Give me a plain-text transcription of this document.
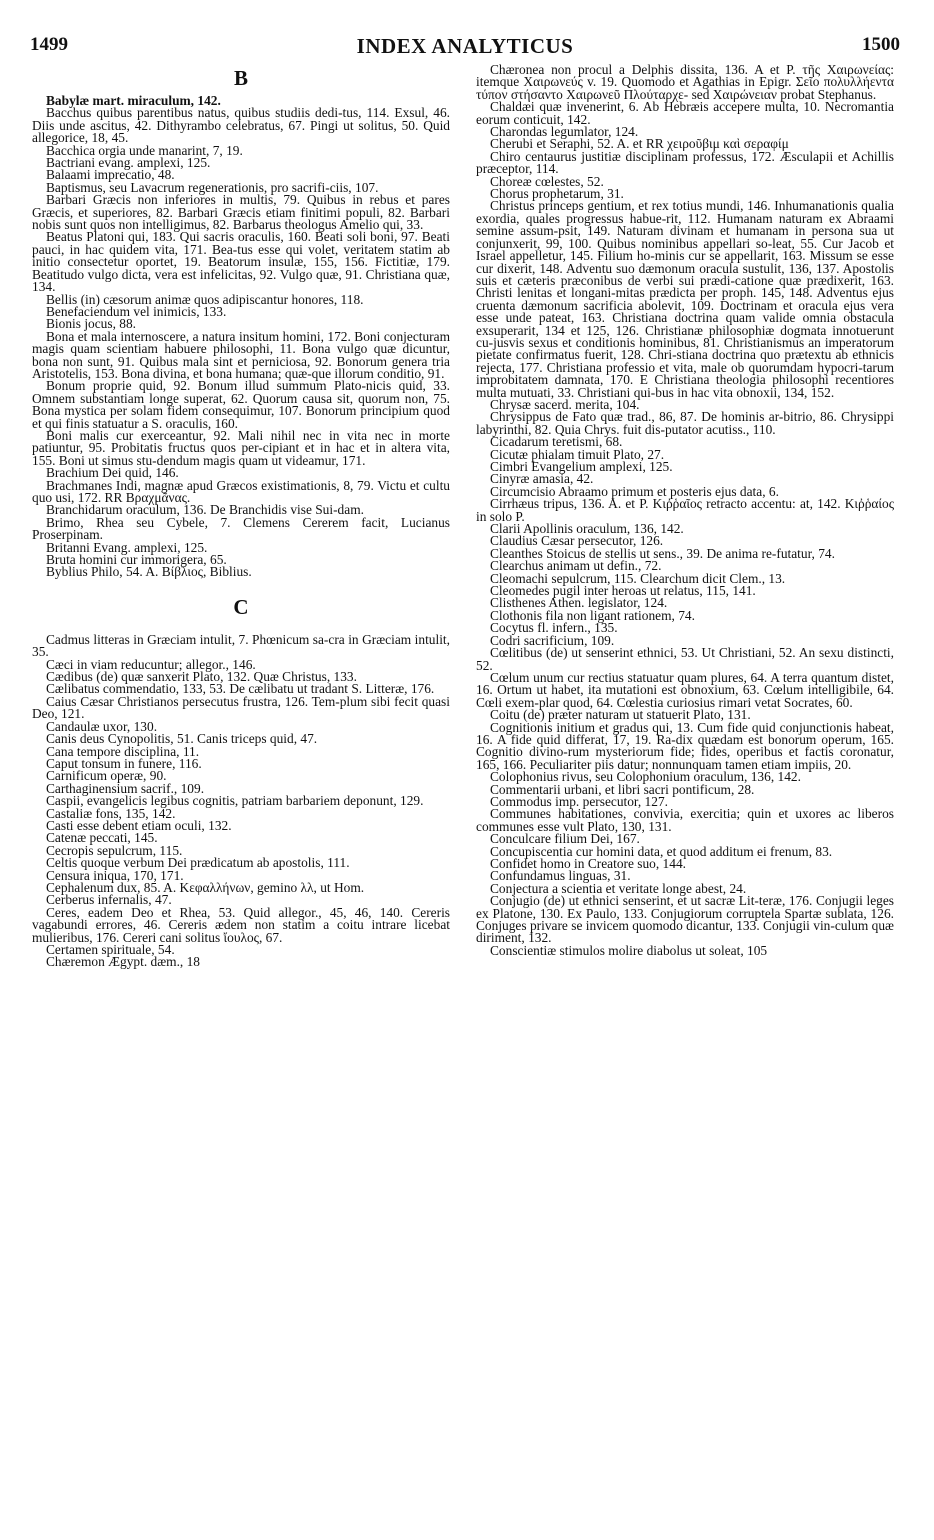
1499	INDEX ANALYTICUS	1500
B

Babylæ mart. miraculum, 142.

Bacchus quibus parentibus natus, quibus studiis dedi-tus, 114. Exsul, 46. Diis unde ascitus, 42. Dithyrambo celebratus, 67. Pingi ut solitus, 50. Quid allegorice, 18, 45.

Bacchica orgia unde manarint, 7, 19.

Bactriani evang. amplexi, 125.

Balaami imprecatio, 48.

Baptismus, seu Lavacrum regenerationis, pro sacrifi-ciis, 107.

Barbari Græcis non inferiores in multis, 79. Quibus in rebus et pares Græcis, et superiores, 82. Barbari Græcis etiam finitimi populi, 82. Barbari nobis sunt quos non intelligimus, 82. Barbarus theologus Amelio qui, 33.

Beatus Platoni qui, 183. Qui sacris oraculis, 160. Beati soli boni, 97. Beati pauci, in hac quidem vita, 171. Bea-tus esse qui volet, veritatem statim ab initio consectetur oportet, 19. Beatorum insulæ, 155, 156. Fictitiæ, 179. Beatitudo vulgo dicta, vera est infelicitas, 92. Vulgo quæ, 91. Christiana quæ, 134.

Bellis (in) cæsorum animæ quos adipiscantur honores, 118.

Benefaciendum vel inimicis, 133.

Bionis jocus, 88.

Bona et mala internoscere, a natura insitum homini, 172. Boni conjecturam magis quam scientiam habuere philosophi, 11. Bona vulgo quæ dicuntur, bona non sunt, 91. Quibus mala sint et perniciosa, 92. Bonorum genera tria Aristotelis, 153. Bona divina, et bona humana; quæ-que illorum conditio, 91.

Bonum proprie quid, 92. Bonum illud summum Plato-nicis quid, 33. Omnem substantiam longe superat, 62. Quorum causa sit, quorum non, 75. Bona mystica per solam fidem consequimur, 107. Bonorum principium quod et qui finis statuatur a S. oraculis, 160.

Boni malis cur exerceantur, 92. Mali nihil nec in vita nec in morte patiuntur, 95. Probitatis fructus quos per-cipiant et in hac et in altera vita, 155. Boni ut simus stu-dendum magis quam ut videamur, 171.

Brachium Dei quid, 146.

Brachmanes Indi, magnæ apud Græcos existimationis, 8, 79. Victu et cultu quo usi, 172. RR Βραχμᾶνας.

Branchidarum oraculum, 136. De Branchidis vise Sui-dam.

Brimo, Rhea seu Cybele, 7. Clemens Cererem facit, Lucianus Proserpinam.

Britanni Evang. amplexi, 125.

Bruta homini cur immorigera, 65.

Byblius Philo, 54. A. Βίβλιος, Biblius.

C

Cadmus litteras in Græciam intulit, 7. Phœnicum sa-cra in Græciam intulit, 35.

Cæci in viam reducuntur; allegor., 146.

Cædibus (de) quæ sanxerit Plato, 132. Quæ Christus, 133.

Cælibatus commendatio, 133, 53. De cælibatu ut tradant S. Litteræ, 176.

Caius Cæsar Christianos persecutus frustra, 126. Tem-plum sibi fecit quasi Deo, 121.

Candaulæ uxor, 130.

Canis deus Cynopolitis, 51. Canis triceps quid, 47.

Cana tempore disciplina, 11.

Caput tonsum in funere, 116.

Carnificum operæ, 90.

Carthaginensium sacrif., 109.

Caspii, evangelicis legibus cognitis, patriam barbariem deponunt, 129.

Castaliæ fons, 135, 142.

Casti esse debent etiam oculi, 132.

Catenæ peccati, 145.

Cecropis sepulcrum, 115.

Celtis quoque verbum Dei prædicatum ab apostolis, 111.

Censura iniqua, 170, 171.

Cephalenum dux, 85. A. Κεφαλλήνων, gemino λλ, ut Hom.

Cerberus infernalis, 47.

Ceres, eadem Deo et Rhea, 53. Quid allegor., 45, 46, 140. Cereris vagabundi errores, 46. Cereris ædem non statim a coitu intrare licebat mulieribus, 176. Cereri cani solitus ἴουλος, 67.

Certamen spirituale, 54.

Chæremon Ægypt. dæm., 18

Chæronea non procul a Delphis dissita, 136. A et P. τῆς Χαιρωνείας: itemque Χαιρωνεύς v. 19. Quomodo et Agathias in Epigr. Σεῖο πολυλλήεντα τύπον στήσαντο Χαιρωνεῦ Πλούταρχε- sed Χαιρώνειαν probat Stephanus.

Chaldæi quæ invenerint, 6. Ab Hebræis accepere multa, 10. Necromantia eorum conticuit, 142.

Charondas legumlator, 124.

Cherubi et Seraphi, 52. A. et RR χειροῦβιμ καὶ σεραφίμ

Chiro centaurus justitiæ disciplinam professus, 172. Æsculapii et Achillis præceptor, 114.

Choreæ cœlestes, 52.

Chorus prophetarum, 31.

Christus princeps gentium, et rex totius mundi, 146. Inhumanationis qualia exordia, quales progressus habue-rit, 112. Humanam naturam ex Abraami semine assum-psit, 149. Naturam divinam et humanam in persona sua ut conjunxerit, 99, 100. Quibus nominibus appellari so-leat, 55. Cur Jacob et Israel appelletur, 145. Filium ho-minis cur se appellarit, 163. Missum se esse cur dixerit, 148. Adventu suo dæmonum oracula sustulit, 136, 137. Apostolis suis et cæteris præconibus de verbi sui prædi-catione quæ prædixerit, 163. Christi lenitas et longani-mitas prædicta per proph. 145, 148. Adventus ejus cruenta dæmonum sacrificia abolevit, 109. Doctrinam et oracula ejus vera esse unde pateat, 163. Christiana doctrina quam valide omnia obstacula exsuperarit, 134 et 125, 126. Christianæ philosophiæ dogmata innotuerunt cu-jusvis sexus et conditionis hominibus, 81. Christianismus an imperatorum pietate confirmatus fuerit, 128. Chri-stiana doctrina quo prætextu ab ethnicis rejecta, 177. Christiana professio et vita, male ob quorumdam hypocri-tarum improbitatem damnata, 170. E Christiana theologia philosophi recentiores multa mutuati, 33. Christiani qui-bus in hac vita obnoxii, 134, 152.

Chrysæ sacerd. merita, 104.

Chrysippus de Fato quæ trad., 86, 87. De hominis ar-bitrio, 86. Chrysippi labyrinthi, 82. Quia Chrys. fuit dis-putator acutiss., 110.

Cicadarum teretismi, 68.

Cicutæ phialam timuit Plato, 27.

Cimbri Evangelium amplexi, 125.

Cinyræ amasia, 42.

Circumcisio Abraamo primum et posteris ejus data, 6.

Cirrhæus tripus, 136. A. et P. Κιῤῥαῖος retracto accentu: at, 142. Κιῤῥαίος in solo P.

Clarii Apollinis oraculum, 136, 142.

Claudius Cæsar persecutor, 126.

Cleanthes Stoicus de stellis ut sens., 39. De anima re-futatur, 74.

Clearchus animam ut defin., 72.

Cleomachi sepulcrum, 115. Clearchum dicit Clem., 13.

Cleomedes pugil inter heroas ut relatus, 115, 141.

Clisthenes Athen. legislator, 124.

Clothonis fila non ligant rationem, 74.

Cocytus fl. infern., 135.

Codri sacrificium, 109.

Cœlitibus (de) ut senserint ethnici, 53. Ut Christiani, 52. An sexu distincti, 52.

Cœlum unum cur rectius statuatur quam plures, 64. A terra quantum distet, 16. Ortum ut habet, ita mutationi est obnoxium, 63. Cœlum intelligibile, 64. Cœli exem-plar quod, 64. Cœlestia curiosius rimari vetat Socrates, 60.

Coitu (de) præter naturam ut statuerit Plato, 131.

Cognitionis initium et gradus qui, 13. Cum fide quid conjunctionis habeat, 16. A fide quid differat, 17, 19. Ra-dix quædam est bonorum operum, 165. Cognitio divino-rum mysteriorum fide; fides, operibus et factis coronatur, 165, 166. Peculiariter piis datur; nonnunquam tamen etiam impiis, 20.

Colophonius rivus, seu Colophonium oraculum, 136, 142.

Commentarii urbani, et libri sacri pontificum, 28.

Commodus imp. persecutor, 127.

Communes habitationes, convivia, exercitia; quin et uxores ac liberos communes esse vult Plato, 130, 131.

Conculcare filium Dei, 167.

Concupiscentia cur homini data, et quod additum ei frenum, 83.

Confidet homo in Creatore suo, 144.

Confundamus linguas, 31.

Conjectura a scientia et veritate longe abest, 24.

Conjugio (de) ut ethnici senserint, et ut sacræ Lit-teræ, 176. Conjugii leges ex Platone, 130. Ex Paulo, 133. Conjugiorum corruptela Spartæ sublata, 126. Conjuges privare se invicem quomodo dicantur, 133. Conjugii vin-culum quæ diriment, 132.

Conscientiæ stimulos molire diabolus ut soleat, 105
